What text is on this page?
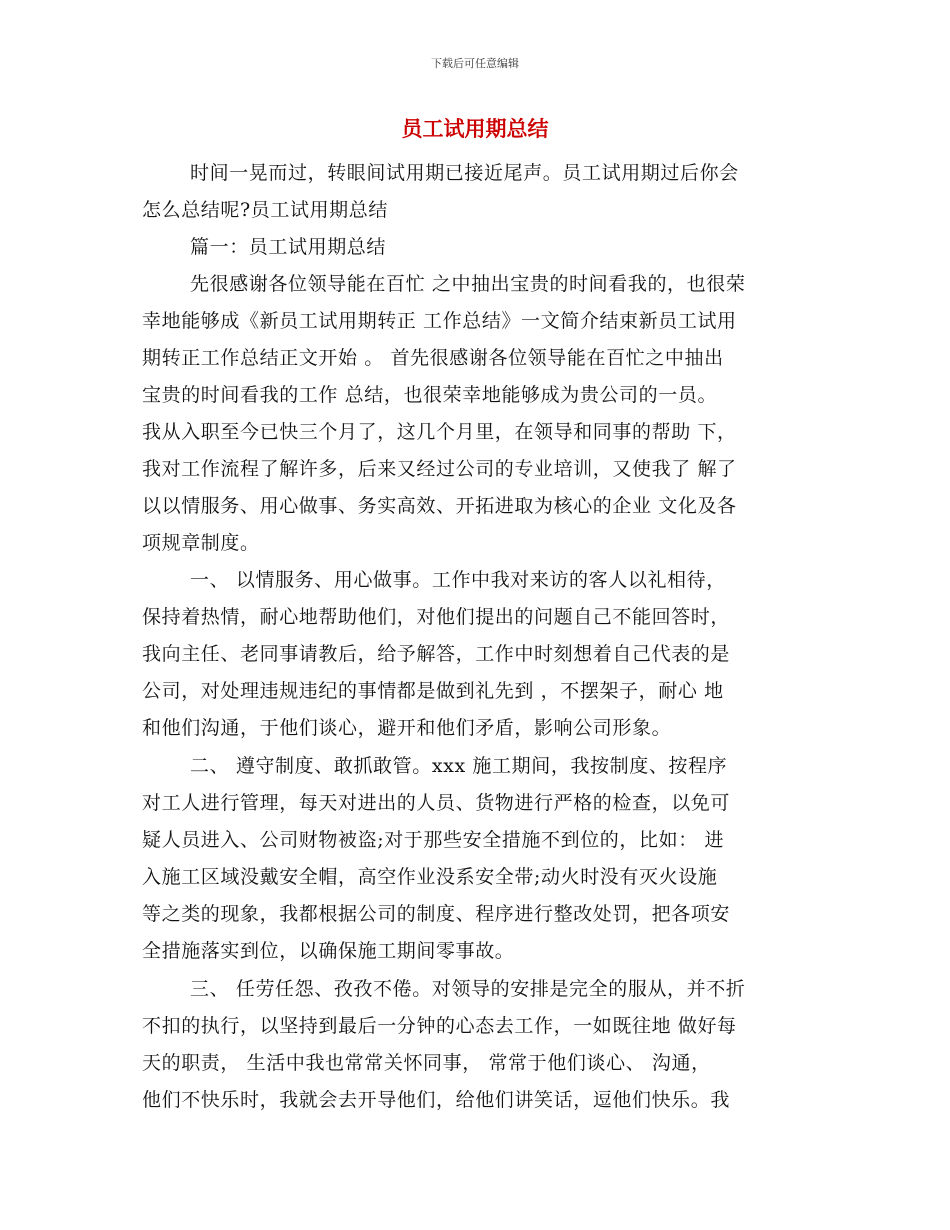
下载后可任意编辑
员工试用期总结
时间一晃而过，转眼间试用期已接近尾声。员工试用期过后你会
怎么总结呢?员工试用期总结
篇一：员工试用期总结
先很感谢各位领导能在百忙 之中抽出宝贵的时间看我的，也很荣
幸地能够成《新员工试用期转正 工作总结》一文简介结束新员工试用
期转正工作总结正文开始 。 首先很感谢各位领导能在百忙之中抽出
宝贵的时间看我的工作 总结，也很荣幸地能够成为贵公司的一员。
我从入职至今已快三个月了，这几个月里，在领导和同事的帮助 下，
我对工作流程了解许多，后来又经过公司的专业培训，又使我了 解了
以以情服务、用心做事、务实高效、开拓进取为核心的企业 文化及各
项规章制度。
一、 以情服务、用心做事。工作中我对来访的客人以礼相待，
保持着热情，耐心地帮助他们，对他们提出的问题自己不能回答时，
我向主任、老同事请教后，给予解答，工作中时刻想着自己代表的是
公司，对处理违规违纪的事情都是做到礼先到 ，不摆架子，耐心 地
和他们沟通，于他们谈心，避开和他们矛盾，影响公司形象。
二、 遵守制度、敢抓敢管。xxx 施工期间，我按制度、按程序
对工人进行管理，每天对进出的人员、货物进行严格的检查，以免可
疑人员进入、公司财物被盗;对于那些安全措施不到位的，比如： 进
入施工区域没戴安全帽，高空作业没系安全带;动火时没有灭火设施
等之类的现象，我都根据公司的制度、程序进行整改处罚，把各项安
全措施落实到位，以确保施工期间零事故。
三、 任劳任怨、孜孜不倦。对领导的安排是完全的服从，并不折
不扣的执行，以坚持到最后一分钟的心态去工作，一如既往地 做好每
天的职责， 生活中我也常常关怀同事， 常常于他们谈心、 沟通，
他们不快乐时，我就会去开导他们，给他们讲笑话，逗他们快乐。我
